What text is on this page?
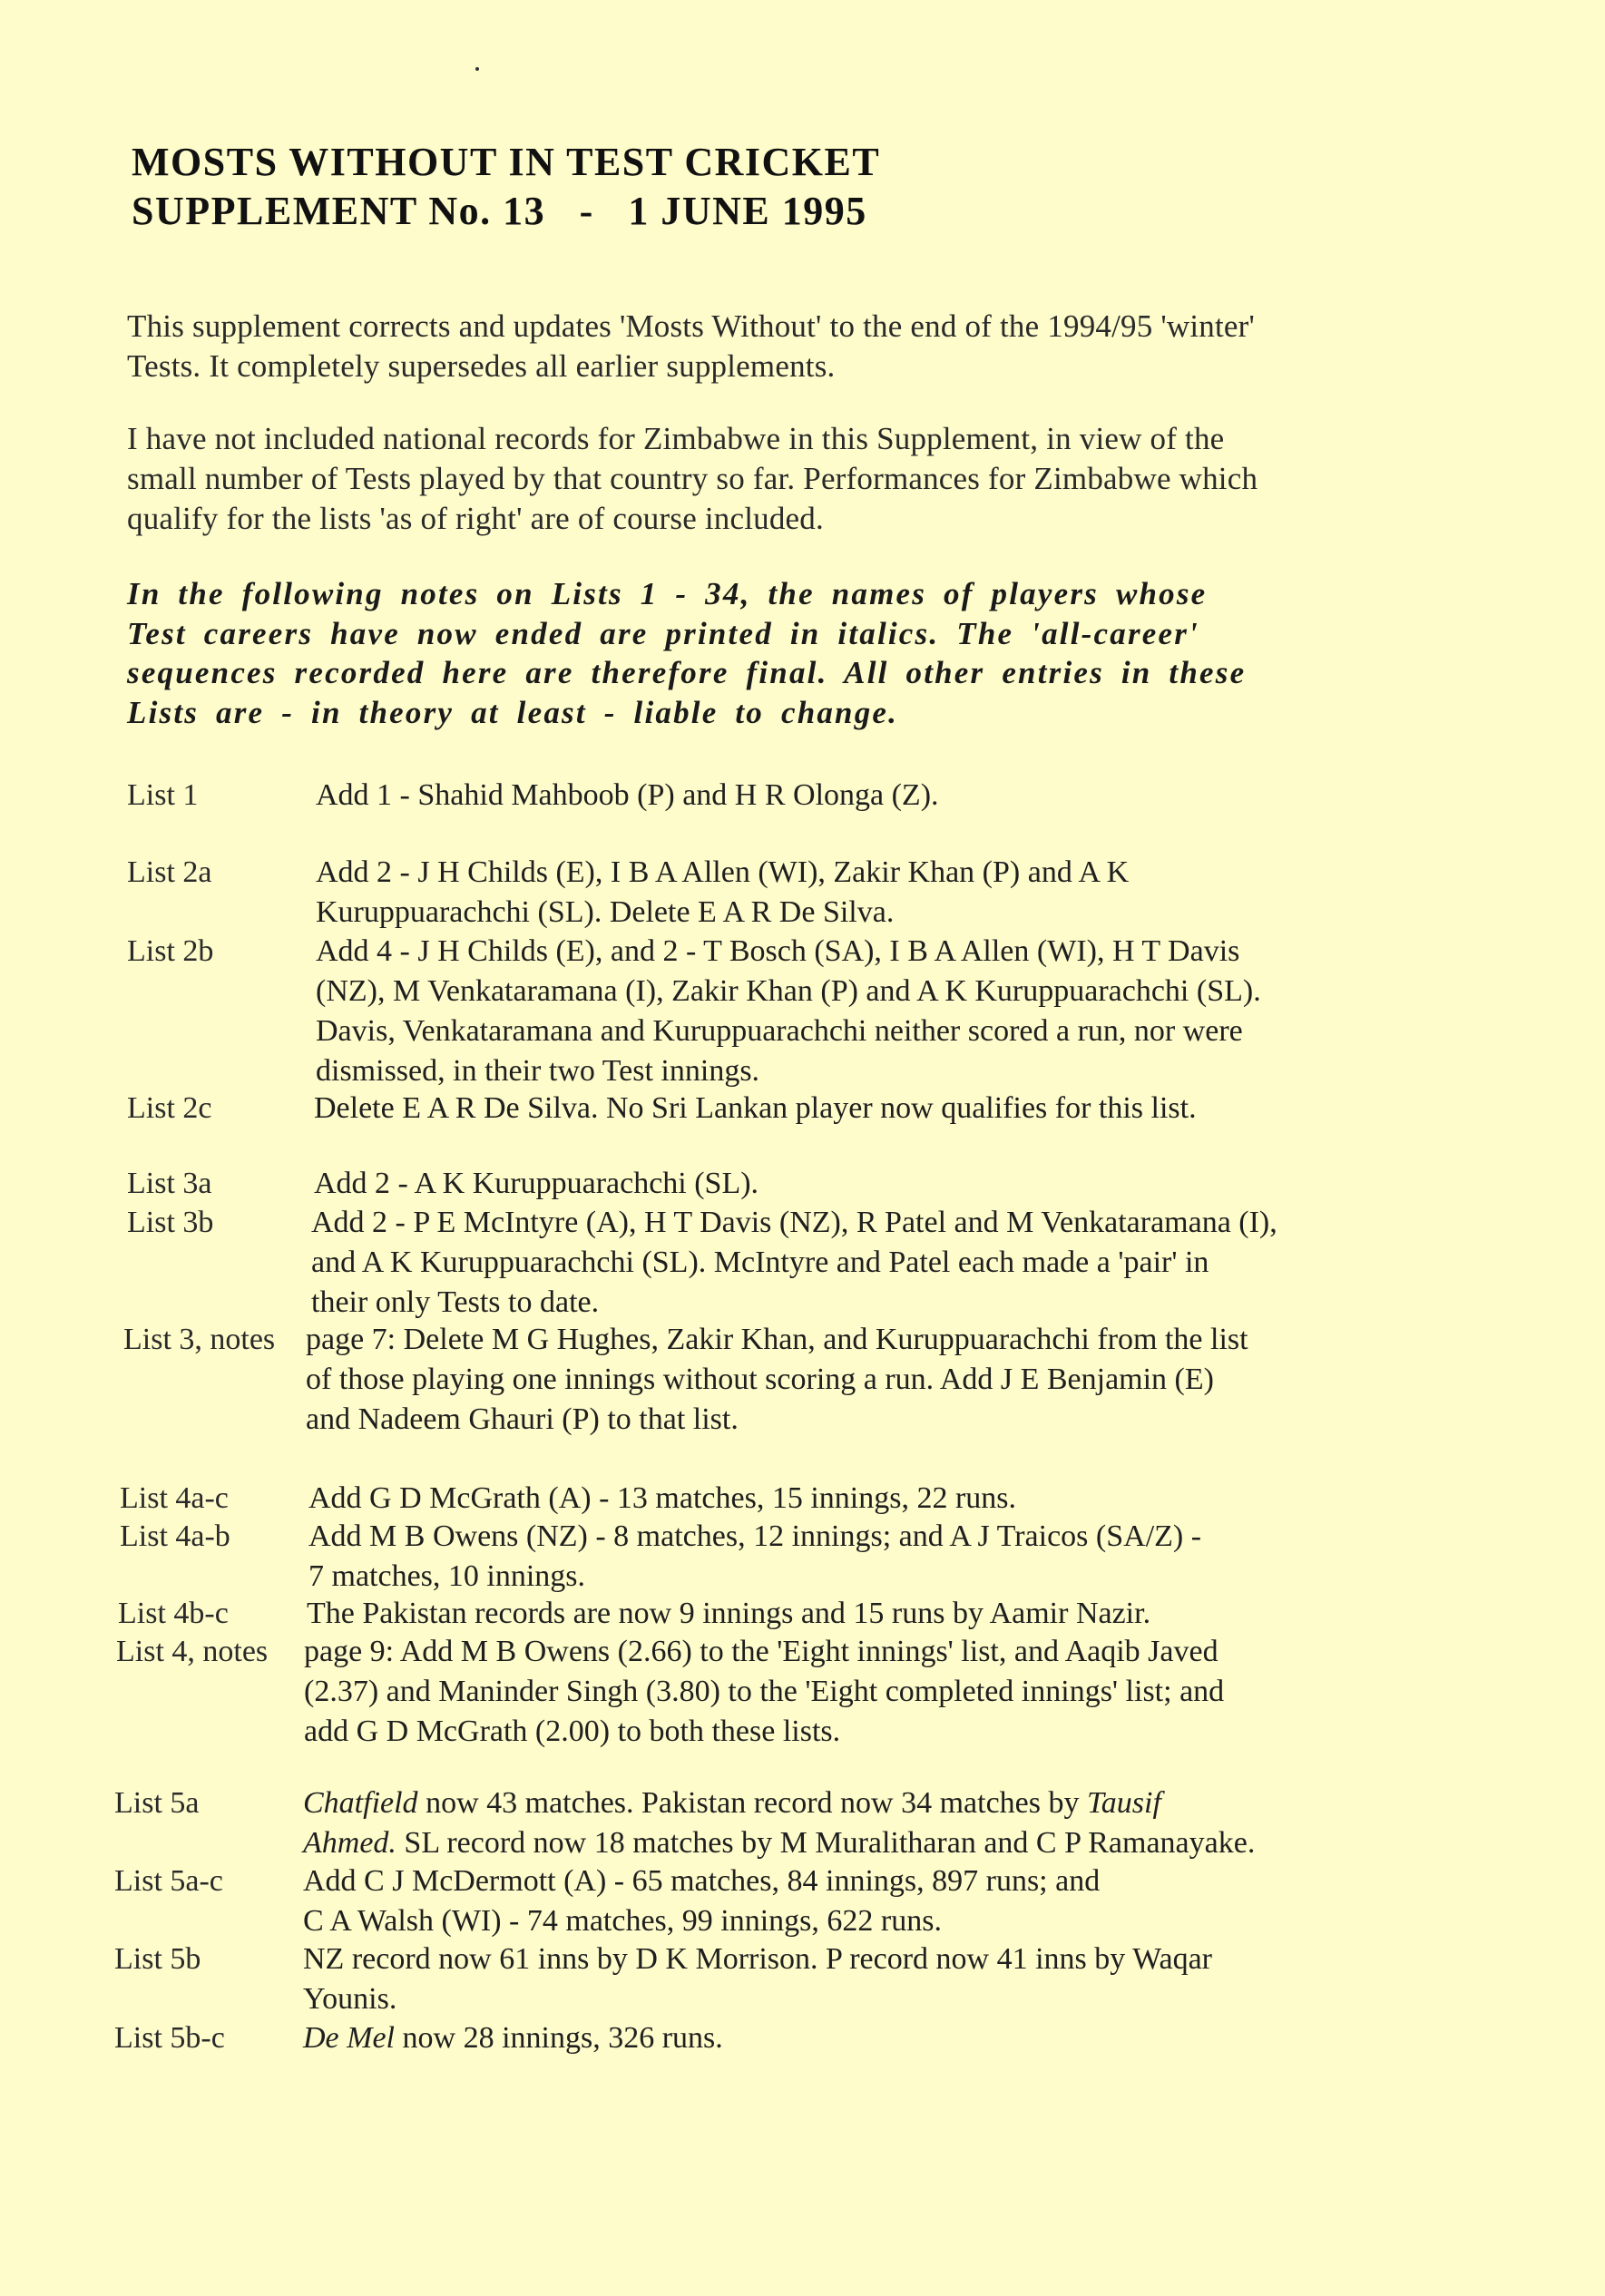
MOSTS WITHOUT IN TEST CRICKET
SUPPLEMENT No. 13   -   1 JUNE 1995
This supplement corrects and updates 'Mosts Without' to the end of the 1994/95 'winter'
Tests. It completely supersedes all earlier supplements.
I have not included national records for Zimbabwe in this Supplement, in view of the
small number of Tests played by that country so far. Performances for Zimbabwe which
qualify for the lists 'as of right' are of course included.
In the following notes on Lists 1 - 34, the names of players whose
Test careers have now ended are printed in italics. The 'all-career'
sequences recorded here are therefore final. All other entries in these
Lists are - in theory at least - liable to change.
List 1	Add 1 - Shahid Mahboob (P) and H R Olonga (Z).
List 2a	Add 2 - J H Childs (E), I B A Allen (WI), Zakir Khan (P) and A K
Kuruppuarachchi (SL). Delete E A R De Silva.
List 2b	Add 4 - J H Childs (E), and 2 - T Bosch (SA), I B A Allen (WI), H T Davis
(NZ), M Venkataramana (I), Zakir Khan (P) and A K Kuruppuarachchi (SL).
Davis, Venkataramana and Kuruppuarachchi neither scored a run, nor were
dismissed, in their two Test innings.
List 2c	Delete E A R De Silva. No Sri Lankan player now qualifies for this list.
List 3a	Add 2 - A K Kuruppuarachchi (SL).
List 3b	Add 2 - P E McIntyre (A), H T Davis (NZ), R Patel and M Venkataramana (I),
and A K Kuruppuarachchi (SL). McIntyre and Patel each made a 'pair' in
their only Tests to date.
List 3, notes page 7: Delete M G Hughes, Zakir Khan, and Kuruppuarachchi from the list
of those playing one innings without scoring a run. Add J E Benjamin (E)
and Nadeem Ghauri (P) to that list.
List 4a-c	Add G D McGrath (A) - 13 matches, 15 innings, 22 runs.
List 4a-b	Add M B Owens (NZ) - 8 matches, 12 innings; and A J Traicos (SA/Z) -
7 matches, 10 innings.
List 4b-c	The Pakistan records are now 9 innings and 15 runs by Aamir Nazir.
List 4, notes page 9: Add M B Owens (2.66) to the 'Eight innings' list, and Aaqib Javed
(2.37) and Maninder Singh (3.80) to the 'Eight completed innings' list; and
add G D McGrath (2.00) to both these lists.
List 5a	Chatfield now 43 matches. Pakistan record now 34 matches by Tausif
Ahmed. SL record now 18 matches by M Muralitharan and C P Ramanayake.
List 5a-c	Add C J McDermott (A) - 65 matches, 84 innings, 897 runs; and
C A Walsh (WI) - 74 matches, 99 innings, 622 runs.
List 5b	NZ record now 61 inns by D K Morrison. P record now 41 inns by Waqar
Younis.
List 5b-c	De Mel now 28 innings, 326 runs.
